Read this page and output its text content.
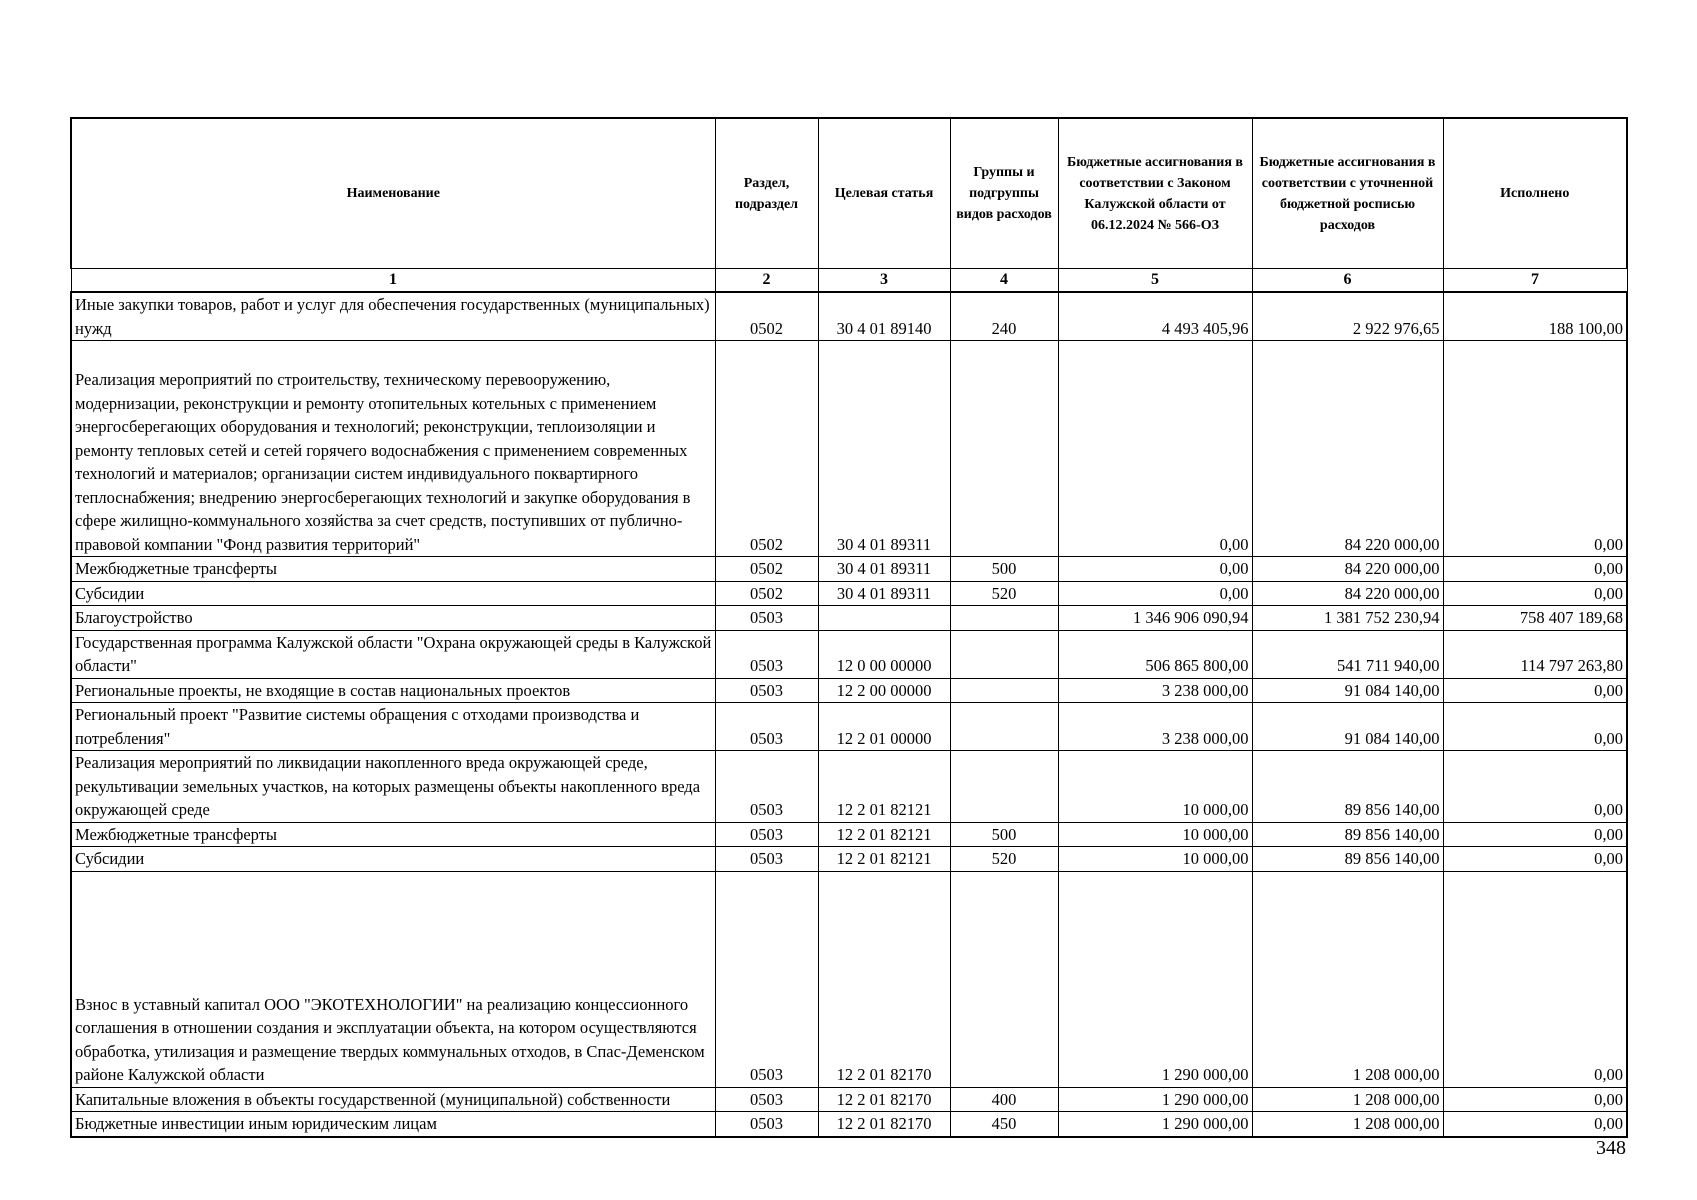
Наименование	Раздел, подраздел	Целевая статья	Группы и подгруппы видов расходов	Бюджетные ассигнования в соответствии с Законом Калужской области от 06.12.2024 № 566-ОЗ	Бюджетные ассигнования в соответствии с уточненной бюджетной росписью расходов	Исполнено
1	2	3	4	5	6	7
Иные закупки товаров, работ и услуг для обеспечения государственных (муниципальных) нужд	0502	30 4 01 89140	240	4 493 405,96	2 922 976,65	188 100,00
Реализация мероприятий по строительству, техническому перевооружению, модернизации, реконструкции и ремонту отопительных котельных с применением энергосберегающих оборудования и технологий; реконструкции, теплоизоляции и ремонту тепловых сетей и сетей горячего водоснабжения с применением современных технологий и материалов; организации систем индивидуального поквартирного теплоснабжения; внедрению энергосберегающих технологий и закупке оборудования в сфере жилищно-коммунального хозяйства за счет средств, поступивших от публично-правовой компании "Фонд развития территорий"	0502	30 4 01 89311		0,00	84 220 000,00	0,00
Межбюджетные трансферты	0502	30 4 01 89311	500	0,00	84 220 000,00	0,00
Субсидии	0502	30 4 01 89311	520	0,00	84 220 000,00	0,00
Благоустройство	0503			1 346 906 090,94	1 381 752 230,94	758 407 189,68
Государственная программа Калужской области "Охрана окружающей среды в Калужской области"	0503	12 0 00 00000		506 865 800,00	541 711 940,00	114 797 263,80
Региональные проекты, не входящие в состав национальных проектов	0503	12 2 00 00000		3 238 000,00	91 084 140,00	0,00
Региональный проект "Развитие системы обращения с отходами производства и потребления"	0503	12 2 01 00000		3 238 000,00	91 084 140,00	0,00
Реализация мероприятий по ликвидации накопленного вреда окружающей среде, рекультивации земельных участков, на которых размещены объекты накопленного вреда окружающей среде	0503	12 2 01 82121		10 000,00	89 856 140,00	0,00
Межбюджетные трансферты	0503	12 2 01 82121	500	10 000,00	89 856 140,00	0,00
Субсидии	0503	12 2 01 82121	520	10 000,00	89 856 140,00	0,00
Взнос в уставный капитал ООО "ЭКОТЕХНОЛОГИИ" на реализацию концессионного соглашения в отношении создания и эксплуатации объекта, на котором осуществляются обработка, утилизация и размещение твердых коммунальных отходов, в Спас-Деменском районе Калужской области	0503	12 2 01 82170		1 290 000,00	1 208 000,00	0,00
Капитальные вложения в объекты государственной (муниципальной) собственности	0503	12 2 01 82170	400	1 290 000,00	1 208 000,00	0,00
Бюджетные инвестиции иным юридическим лицам	0503	12 2 01 82170	450	1 290 000,00	1 208 000,00	0,00
348
